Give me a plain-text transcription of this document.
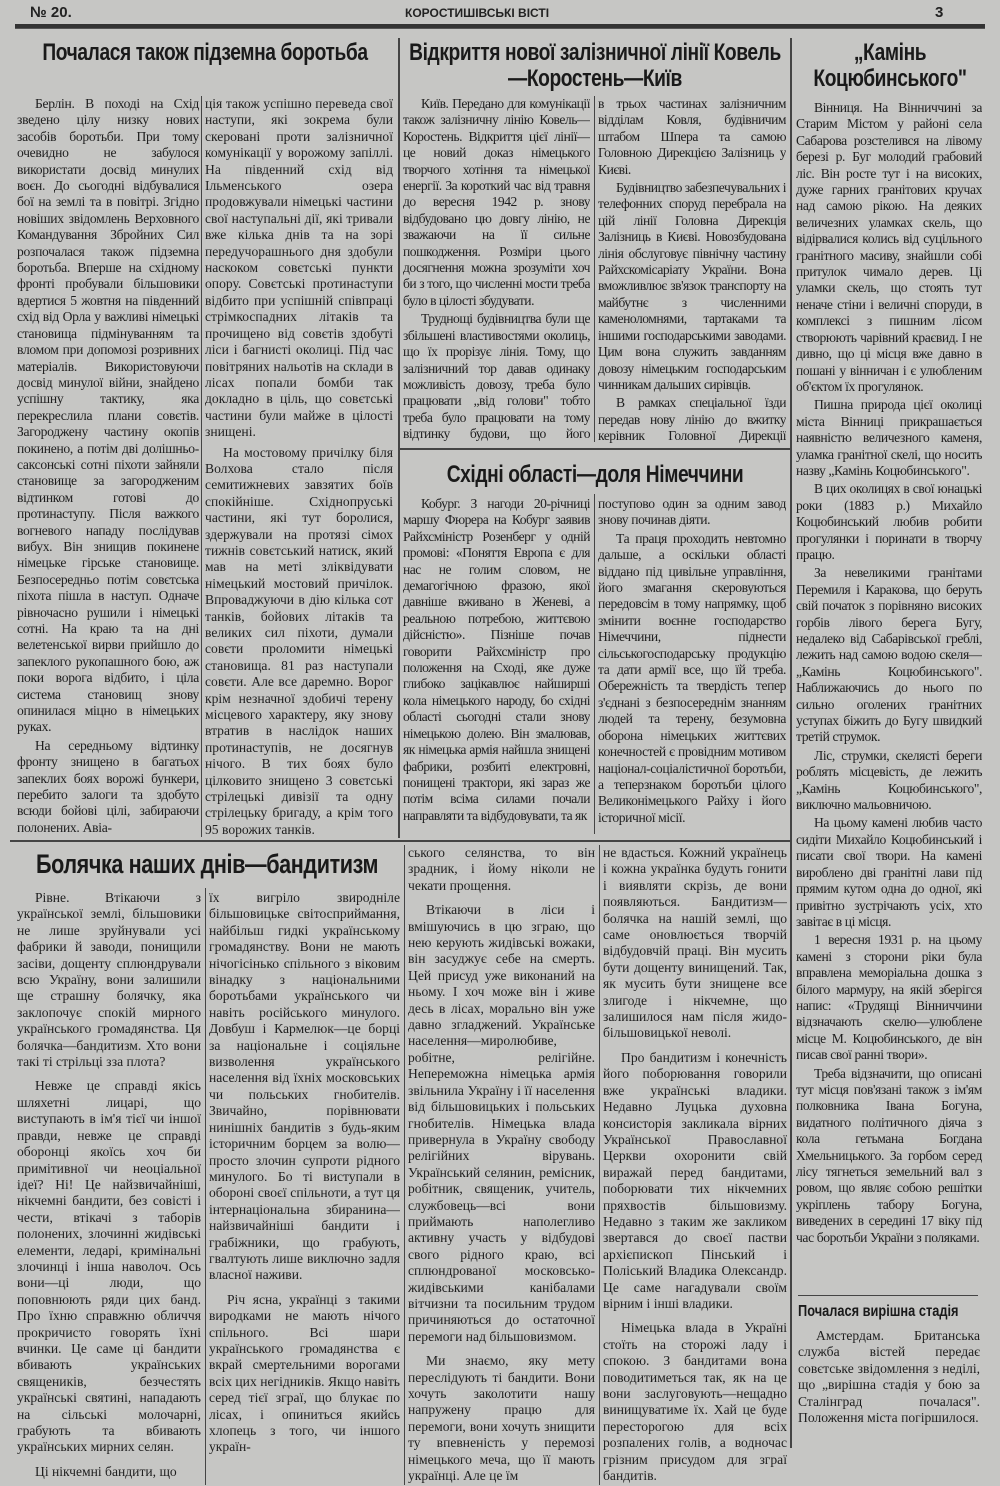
№ 20.	КОРОСТИШІВСЬКІ ВІСТІ	3
Почалася також підземна боротьба	Відкриття нової залізничної лінії Ковель—Коростень—Київ
Східні області—доля Німеччини
„Камінь Коцюбинського"
Почалася вирішна стадія
Болячка наших днів—бандитизм

Берлін. В поході на Схід зведено цілу низку нових засобів боротьби. При тому очевидно не забулося використати досвід минулих воєн. До сьогодні відбувалися бої на землі та в повітрі. Згідно новіших звідомлень Верховного Командування Збройних Сил розпочалася також підземна боротьба. Вперше на східному фронті пробували більшовики вдертися 5 жовтня на південний схід від Орла у важливі німецькі становища підмінуванням та вломом при допомозі розривних матеріалів. Використовуючи досвід минулої війни, знайдено успішну тактику, яка перекреслила плани совєтів. Загороджену частину окопів покинено, а потім дві долішньо-саксонські сотні піхоти зайняли становище за загородженим відтинком готові до протинаступу. Після важкого вогневого нападу послідував вибух. Він знищив покинене німецьке гірське становище. Безпосередньо потім совєтська піхота пішла в наступ. Одначе рівночасно рушили і німецькі сотні. На краю та на дні велетенської вирви прийшло до запеклого рукопашного бою, аж поки ворога відбито, і ціла система становищ знову опинилася міцно в німецьких руках.

На середньому відтинку фронту знищено в багатьох запеклих боях ворожі бункери, перебито залоги та здобуто всюди бойові цілі, забираючи полонених. Авіа-

ція також успішно переведа свої наступи, які зокрема були скеровані проти залізничної комунікації у ворожому запіллі. На південний схід від Ільменського озера продовжували німецькі частини свої наступальні дії, які тривали вже кілька днів та на зорі передучорашнього дня здобули наскоком совєтські пункти опору. Совєтські протинаступи відбито при успішній співпраці стрімкоспадних літаків та прочищено від совєтів здобуті ліси і багнисті околиці. Під час повітряних нальотів на склади в лісах попали бомби так докладно в ціль, що совєтські частини були майже в цілості знищені.

На мостовому причілку біля Волхова стало після семитижневих завзятих боїв спокійніше. Східнопруські частини, які тут боролися, здержували на протязі сімох тижнів совєтський натиск, який мав на меті зліквідувати німецький мостовий причілок. Впроваджуючи в дію кілька сот танків, бойових літаків та великих сил піхоти, думали совєти проломити німецькі становища. 81 раз наступали совєти. Але все даремно. Ворог крім незначної здобичі терену місцевого характеру, яку знову втратив в наслідок наших протинаступів, не досягнув нічого. В тих боях було цілковито знищено 3 совєтські стрілецькі дивізії та одну стрілецьку бригаду, а крім того 95 ворожих танків.

Київ. Передано для комунікації також залізничну лінію Ковель—Коростень. Відкриття цієї лінії—це новий доказ німецького творчого хотіння та німецької енергії. За короткий час від травня до вересня 1942 р. знову відбудовано цю довгу лінію, не зважаючи на її сильне пошкодження. Розміри цього досягнення можна зрозуміти хоч би з того, що численні мости треба було в цілості збудувати.

Труднощі будівництва були ще збільшені властивостями околиць, що їх прорізує лінія. Тому, що залізничний тор давав одинаку можливість довозу, треба було працювати „від голови" тобто треба було працювати на тому відтинку будови, що його

в трьох частинах залізничним відділам Ковля, будівничим штабом Шпера та самою Головною Дирекцією Залізниць у Києві.

Будівництво забезпечувальних і телефонних споруд перебрала на цій лінії Головна Дирекція Залізниць в Києві. Новозбудована лінія обслуговує північну частину Райхскомісаріату України. Вона вможливлює зв'язок транспорту на майбутнє з численними каменоломнями, тартаками та іншими господарськими заводами. Цим вона служить завданням довозу німецьким господарським чинникам дальших сирівців.

В рамках спеціальної їзди передав нову лінію до вжитку керівник Головної Дирекції

Кобург. З нагоди 20-річниці маршу Фюрера на Кобург заявив Райхсміністр Розенберг у одній промові: «Поняття Европа є для нас не голим словом, не демагогічною фразою, якої давніше вживано в Женеві, а реальною потребою, життєвою дійсністю». Пізніше почав говорити Райхсміністр про положення на Сході, яке дуже глибоко зацікавлює найширші кола німецького народу, бо східні області сьогодні стали знову німецькою долею. Він змалював, як німецька армія найшла знищені фабрики, розбиті електровні, понищені трактори, які зараз же потім всіма силами почали направляти та відбудовувати, та як

поступово один за одним завод знову починав діяти.

Та праця проходить невтомно дальше, а оскільки області віддано під цивільне управління, його змагання скеровуються передовсім в тому напрямку, щоб змінити воєнне господарство Німеччини, піднести сільськогосподарську продукцію та дати армії все, що їй треба. Обережність та твердість тепер з'єднані з безпосереднім знанням людей та терену, безумовна оборона німецьких життєвих конечностей є провідним мотивом націонал-соціалістичної боротьби, а теперзнаком боротьби цілого Великонімецького Райху і його історичної місії.

Вінниця. На Вінниччині за Старим Містом у районі села Сабарова розстелився на лівому березі р. Буг молодий грабовий ліс. Він росте тут і на високих, дуже гарних гранітових кручах над самою рікою. На деяких величезних уламках скель, що відірвалися колись від суцільного гранітного масиву, знайшли собі притулок чимало дерев. Ці уламки скель, що стоять тут неначе стіни і величні споруди, в комплексі з пишним лісом створюють чарівний краєвид. І не дивно, що ці місця вже давно в пошані у вінничан і є улюбленим об'єктом їх прогулянок.

Пишна природа цієї околиці міста Вінниці прикрашається наявністю величезного каменя, уламка гранітної скелі, що носить назву „Камінь Коцюбинського".

В цих околицях в свої юнацькі роки (1883 р.) Михайло Коцюбинський любив робити прогулянки і поринати в творчу працю.

За невеликими гранітами Перемиля і Каракова, що беруть свій початок з порівняно високих горбів лівого берега Бугу, недалеко від Сабарівської греблі, лежить над самою водою скеля—„Камінь Коцюбинського". Наближаючись до нього по сильно оголених гранітних уступах біжить до Бугу швидкий третій струмок.

Ліс, струмки, скелясті береги роблять місцевість, де лежить „Камінь Коцюбинського", виключно мальовничою.

На цьому камені любив часто сидіти Михайло Коцюбинський і писати свої твори. На камені вироблено дві гранітні лави під прямим кутом одна до одної, які привітно зустрічають усіх, хто завітає в ці місця.

1 вересня 1931 р. на цьому камені з сторони ріки була вправлена меморіальна дошка з білого мармуру, на якій зберігся напис: «Трудящі Вінниччини відзначають скелю—улюблене місце М. Коцюбинського, де він писав свої ранні твори».

Треба відзначити, що описані тут місця пов'язані також з ім'ям полковника Івана Богуна, видатного політичного діяча з кола гетьмана Богдана Хмельницького. За горбом серед лісу тягнеться земельний вал з ровом, що являє собою решітки укріплень табору Богуна, виведених в середині 17 віку під час боротьби України з поляками.

Амстердам. Британська служба вістей передає совєтське звідомлення з неділі, що „вирішна стадія у бою за Сталінград почалася". Положення міста погіршилося.

Рівне. Втікаючи з української землі, більшовики не лише зруйнували усі фабрики й заводи, понищили засіви, дощенту сплюндрували всю Україну, вони залишили ще страшну болячку, яка заклопочує спокій мирного українського громадянства. Ця болячка—бандитизм. Хто вони такі ті стрільці зза плота?

Невже це справді якісь шляхетні лицарі, що виступають в ім'я тієї чи іншої правди, невже це справді оборонці якоїсь хоч би примітивної чи неоціальної ідеї? Ні! Це найзвичайніші, нікчемні бандити, без совісті і чести, втікачі з таборів полонених, злочинні жидівські елементи, ледарі, кримінальні злочинці і інша наволоч. Ось вони—ці люди, що поповнюють ряди цих банд. Про їхню справжню обличчя прокричисто говорять їхні вчинки. Це саме ці бандити вбивають українських священиків, безчестять українські святині, нападають на сільські молочарні, грабують та вбивають українських мирних селян.

Ці нікчемні бандити, що

їх вигріло звиродніле більшовицьке світосприймання, найбільш гидкі українському громадянству. Вони не мають нічогісінько спільного з віковим вінадку з національними боротьбами українського чи навіть російського минулого. Довбуш і Кармелюк—це борці за національне і соціяльне визволення українського населення від їхніх московських чи польських гнобителів. Звичайно, порівнювати нинішніх бандитів з будь-яким історичним борцем за волю—просто злочин супроти рідного минулого. Бо ті виступали в обороні своєї спільноти, а тут ця інтернаціональна збиранина—найзвичайніші бандити і грабіжники, що грабують, гвалтують лише виключно задля власної наживи.

Річ ясна, українці з такими виродками не мають нічого спільного. Всі шари українського громадянства є вкрай смертельними ворогами всіх цих негідників. Якщо навіть серед тієї зграї, що блукає по лісах, і опиниться якийсь хлопець з того, чи іншого україн-

ського селянства, то він зрадник, і йому ніколи не чекати прощення.

Втікаючи в ліси і вмішуючись в цю зграю, що нею керують жидівські вожаки, він засуджує себе на смерть. Цей присуд уже виконаний на ньому. І хоч може він і живе десь в лісах, морально він уже давно згладжений. Українське населення—миролюбиве, робітне, релігійне. Непереможна німецька армія звільнила Україну і її населення від більшовицьких і польських гнобителів. Німецька влада привернула в Україну свободу релігійних вірувань. Український селянин, ремісник, робітник, священик, учитель, службовець—всі вони приймають наполегливо активну участь у відбудові свого рідного краю, всі сплюндрованої московсько-жидівськими канібалами вітчизни та посильним трудом причиняються до остаточної перемоги над більшовизмом.

Ми знаємо, яку мету переслідують ті бандити. Вони хочуть заколотити нашу напружену працю для перемоги, вони хочуть знищити ту впевненість у перемозі німецького меча, що її мають українці. Але це їм

не вдасться. Кожний українець і кожна українка будуть гонити і виявляти скрізь, де вони появляються. Бандитизм—болячка на нашій землі, що саме оновлюється творчій відбудовчій праці. Він мусить бути дощенту винищений. Так, як мусить бути знищене все злигоде і нікчемне, що залишилося нам після жидо-більшовицької неволі.

Про бандитизм і конечність його поборювання говорили вже українські владики. Недавно Луцька духовна консисторія закликала вірних Української Православної Церкви охоронити свій виражай перед бандитами, поборювати тих нікчемних пряхвостів більшовизму. Недавно з таким же закликом звертався до своєї пастви архієпископ Пінський і Поліський Владика Олександр. Це саме нагадували своїм вірним і інші владики.

Німецька влада в Україні стоїть на сторожі ладу і спокою. З бандитами вона поводитиметься так, як на це вони заслуговують—нещадно винищуватиме їх. Хай це буде пересторогою для всіх розпалених голів, а водночас грізним присудом для зграї бандитів.
